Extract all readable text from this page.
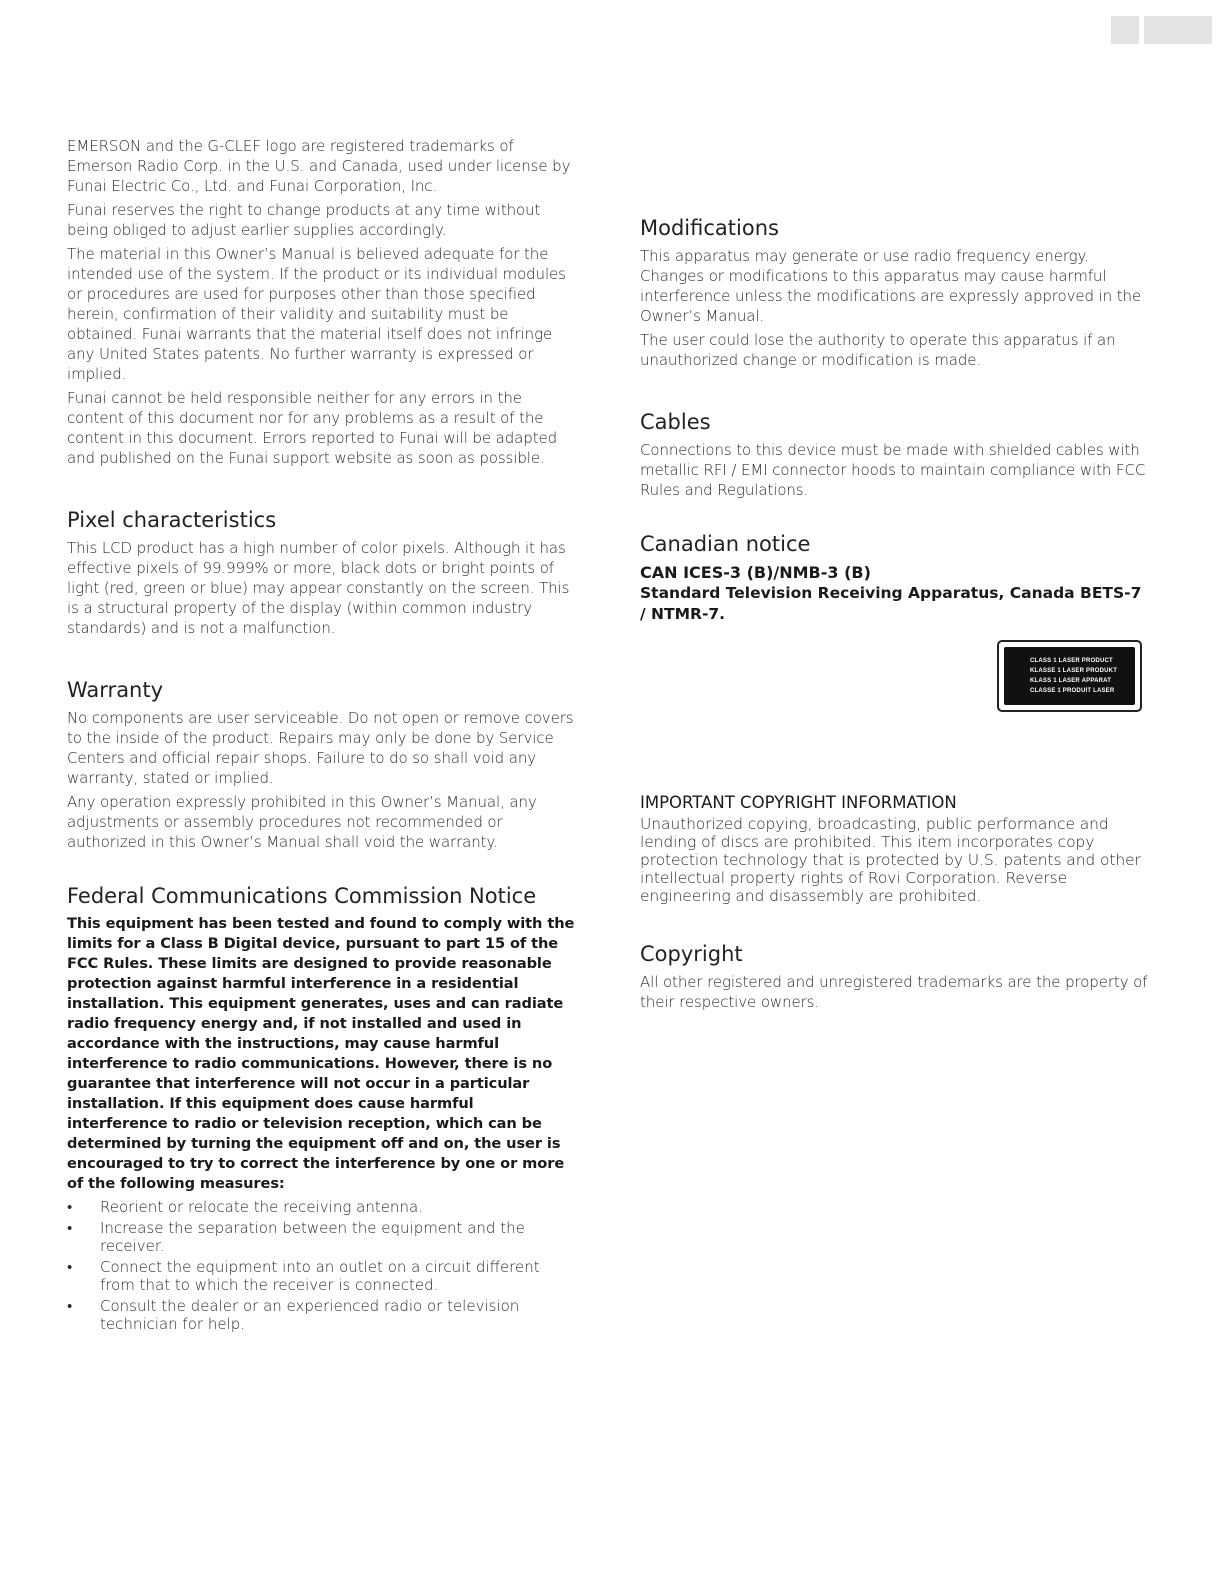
EMERSON and the G-CLEF logo are registered trademarks of Emerson Radio Corp. in the U.S. and Canada, used under license by Funai Electric Co., Ltd. and Funai Corporation, Inc.

Funai reserves the right to change products at any time without being obliged to adjust earlier supplies accordingly.

The material in this Owner’s Manual is believed adequate for the intended use of the system. If the product or its individual modules or procedures are used for purposes other than those specified herein, confirmation of their validity and suitability must be obtained. Funai warrants that the material itself does not infringe any United States patents. No further warranty is expressed or implied.

Funai cannot be held responsible neither for any errors in the content of this document nor for any problems as a result of the content in this document. Errors reported to Funai will be adapted and published on the Funai support website as soon as possible.

Pixel characteristics

This LCD product has a high number of color pixels. Although it has effective pixels of 99.999% or more, black dots or bright points of light (red, green or blue) may appear constantly on the screen. This is a structural property of the display (within common industry standards) and is not a malfunction.

Warranty

No components are user serviceable. Do not open or remove covers to the inside of the product. Repairs may only be done by Service Centers and official repair shops. Failure to do so shall void any warranty, stated or implied.

Any operation expressly prohibited in this Owner’s Manual, any adjustments or assembly procedures not recommended or authorized in this Owner’s Manual shall void the warranty.

Federal Communications Commission Notice

This equipment has been tested and found to comply with the limits for a Class B Digital device, pursuant to part 15 of the FCC Rules. These limits are designed to provide reasonable protection against harmful interference in a residential installation. This equipment generates, uses and can radiate radio frequency energy and, if not installed and used in accordance with the instructions, may cause harmful interference to radio communications. However, there is no guarantee that interference will not occur in a particular installation. If this equipment does cause harmful interference to radio or television reception, which can be determined by turning the equipment off and on, the user is encouraged to try to correct the interference by one or more of the following measures:

• Reorient or relocate the receiving antenna.
• Increase the separation between the equipment and the receiver.
• Connect the equipment into an outlet on a circuit different from that to which the receiver is connected.
• Consult the dealer or an experienced radio or television technician for help.
Modifications

This apparatus may generate or use radio frequency energy. Changes or modifications to this apparatus may cause harmful interference unless the modifications are expressly approved in the Owner’s Manual.

The user could lose the authority to operate this apparatus if an unauthorized change or modification is made.

Cables

Connections to this device must be made with shielded cables with metallic RFI / EMI connector hoods to maintain compliance with FCC Rules and Regulations.

Canadian notice
CAN ICES-3 (B)/NMB-3 (B)
Standard Television Receiving Apparatus, Canada BETS-7 / NTMR-7.
CLASS 1 LASER PRODUCT
KLASSE 1 LASER PRODUKT
KLASS 1 LASER APPARAT
CLASSE 1 PRODUIT LASER
IMPORTANT COPYRIGHT INFORMATION

Unauthorized copying, broadcasting, public performance and lending of discs are prohibited. This item incorporates copy protection technology that is protected by U.S. patents and other intellectual property rights of Rovi Corporation. Reverse engineering and disassembly are prohibited.

Copyright

All other registered and unregistered trademarks are the property of their respective owners.
